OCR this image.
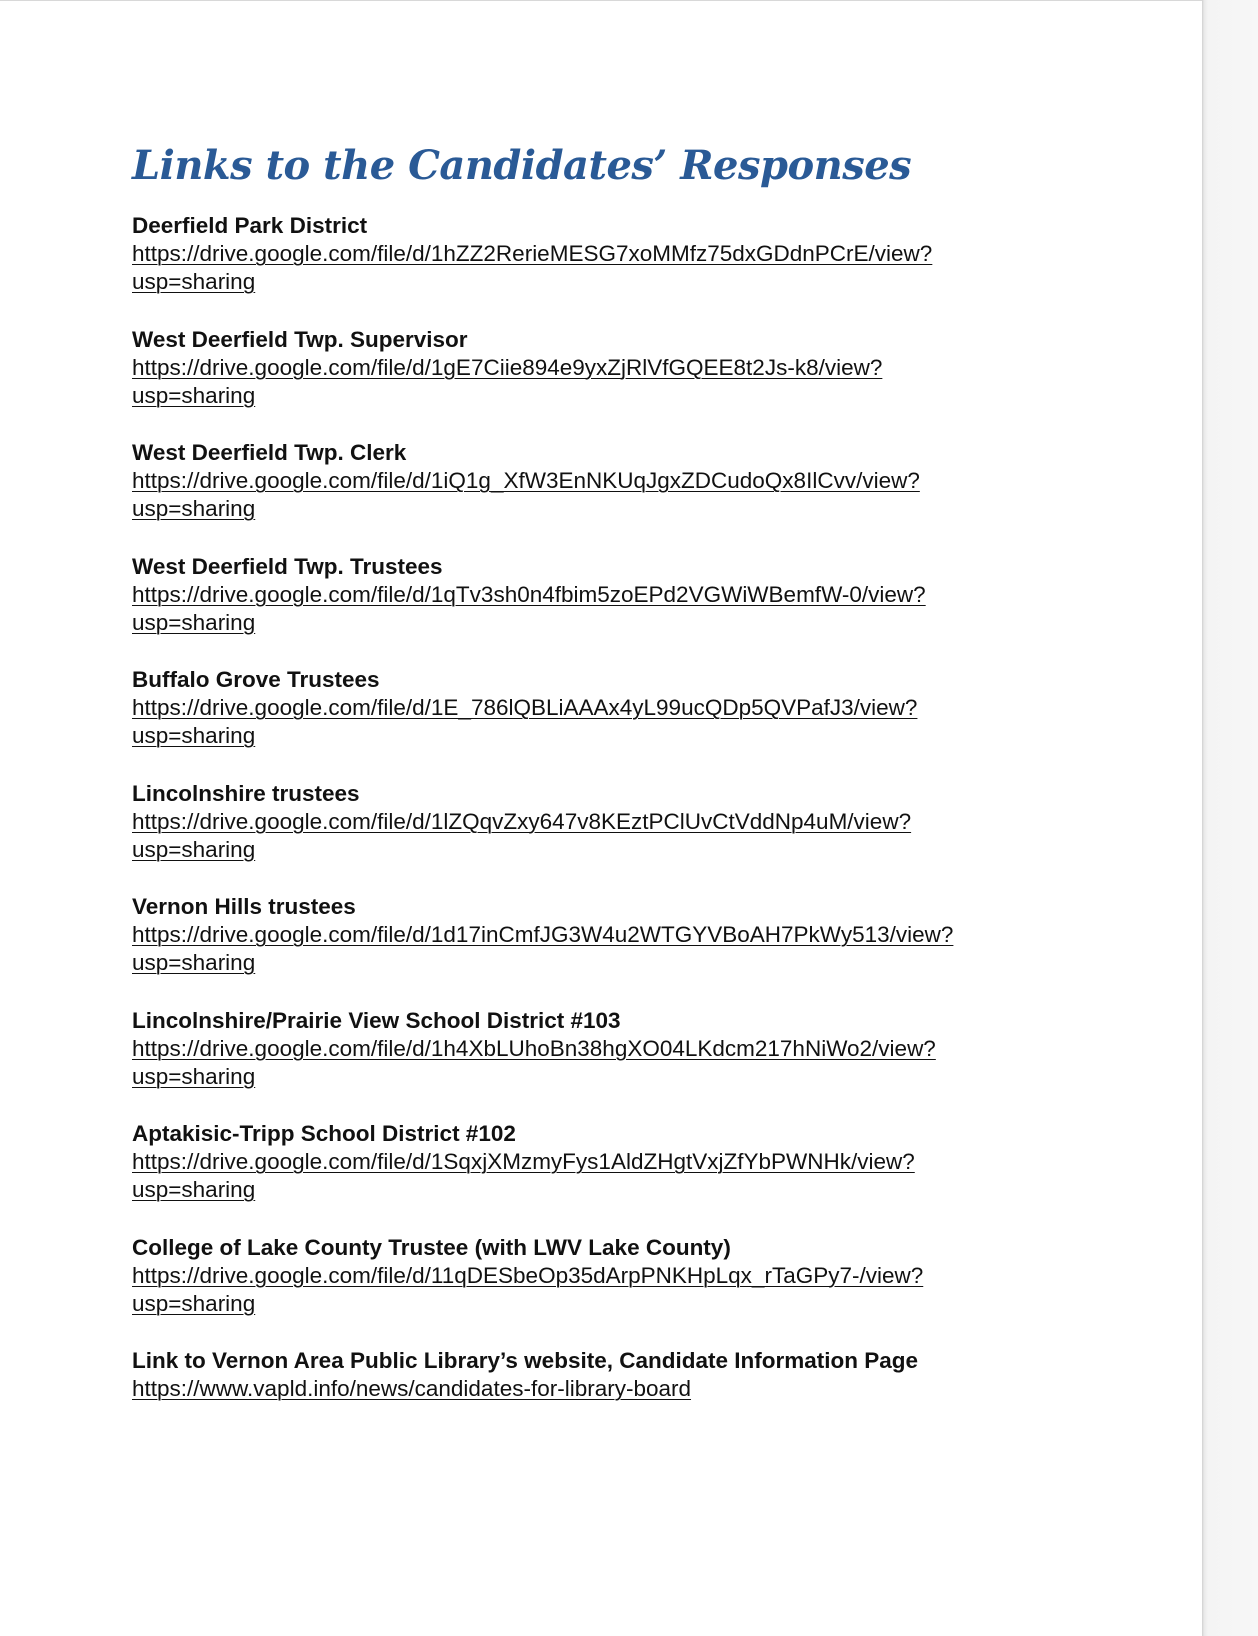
Links to the Candidates’ Responses
Deerfield Park District
https://drive.google.com/file/d/1hZZ2RerieMESG7xoMMfz75dxGDdnPCrE/view?
usp=sharing
West Deerfield Twp. Supervisor
https://drive.google.com/file/d/1gE7Ciie894e9yxZjRlVfGQEE8t2Js-k8/view?
usp=sharing
West Deerfield Twp. Clerk
https://drive.google.com/file/d/1iQ1g_XfW3EnNKUqJgxZDCudoQx8IlCvv/view?
usp=sharing
West Deerfield Twp. Trustees
https://drive.google.com/file/d/1qTv3sh0n4fbim5zoEPd2VGWiWBemfW-0/view?
usp=sharing
Buffalo Grove Trustees
https://drive.google.com/file/d/1E_786lQBLiAAAx4yL99ucQDp5QVPafJ3/view?
usp=sharing
Lincolnshire trustees
https://drive.google.com/file/d/1lZQqvZxy647v8KEztPClUvCtVddNp4uM/view?
usp=sharing
Vernon Hills trustees
https://drive.google.com/file/d/1d17inCmfJG3W4u2WTGYVBoAH7PkWy513/view?
usp=sharing
Lincolnshire/Prairie View School District #103
https://drive.google.com/file/d/1h4XbLUhoBn38hgXO04LKdcm217hNiWo2/view?
usp=sharing
Aptakisic-Tripp School District #102
https://drive.google.com/file/d/1SqxjXMzmyFys1AldZHgtVxjZfYbPWNHk/view?
usp=sharing
College of Lake County Trustee (with LWV Lake County)
https://drive.google.com/file/d/11qDESbeOp35dArpPNKHpLqx_rTaGPy7-/view?
usp=sharing
Link to Vernon Area Public Library’s website, Candidate Information Page
https://www.vapld.info/news/candidates-for-library-board
